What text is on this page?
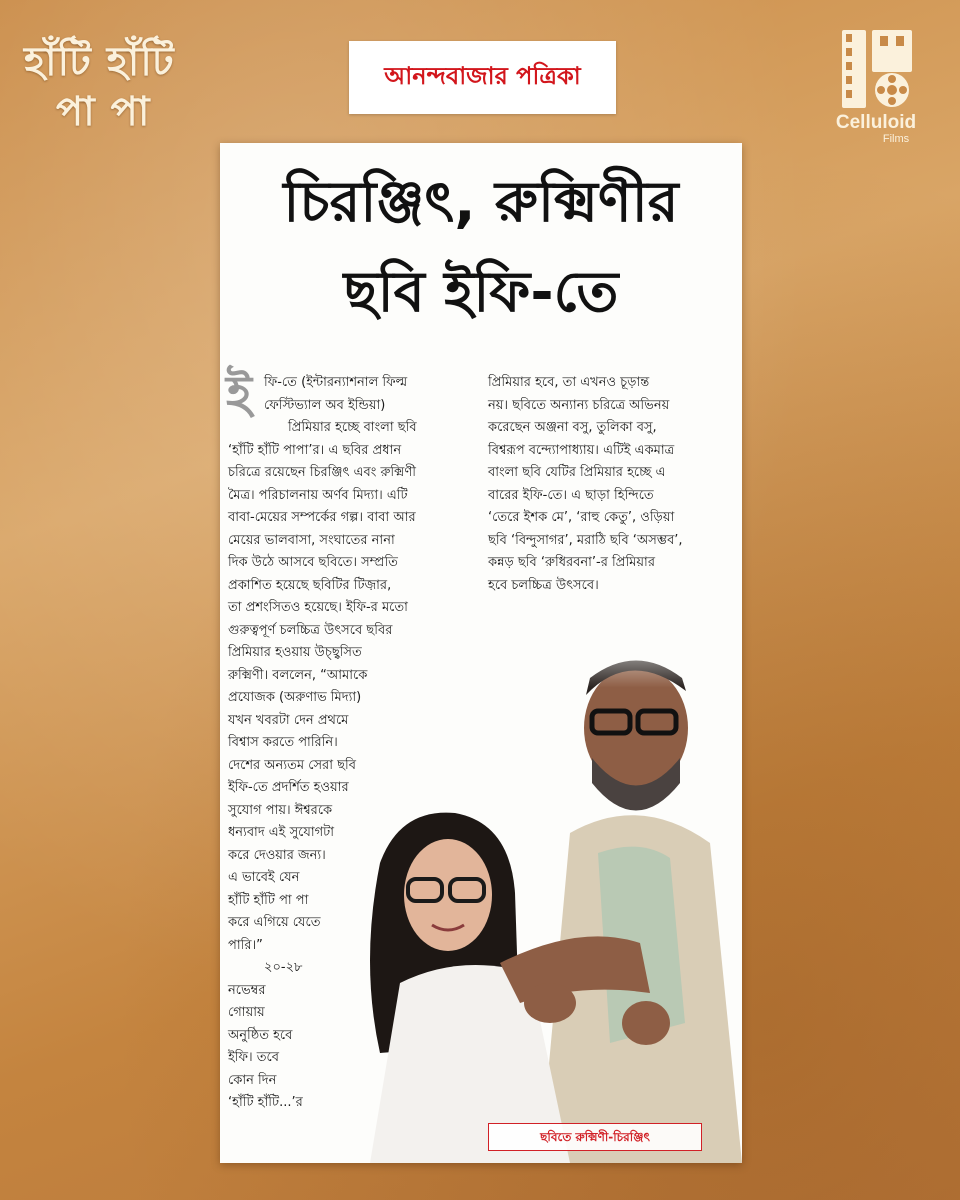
হাঁটি হাঁটি
পা পা
আনন্দবাজার পত্রিকা
Celluloid
Films
চিরঞ্জিৎ, রুক্মিণীর
ছবি ইফি-তে
ই ফি-তে (ইন্টারন্যাশনাল ফিল্ম
ফেস্টিভ্যাল অব ইন্ডিয়া)
প্রিমিয়ার হচ্ছে বাংলা ছবি
‘হাঁটি হাঁটি পাপা’র। এ ছবির প্রধান
চরিত্রে রয়েছেন চিরঞ্জিৎ এবং রুক্মিণী
মৈত্র। পরিচালনায় অর্ণব মিদ্যা। এটি
বাবা-মেয়ের সম্পর্কের গল্প। বাবা আর
মেয়ের ভালবাসা, সংঘাতের নানা
দিক উঠে আসবে ছবিতে। সম্প্রতি
প্রকাশিত হয়েছে ছবিটির টিজ়ার,
তা প্রশংসিতও হয়েছে। ইফি-র মতো
গুরুত্বপূর্ণ চলচ্চিত্র উৎসবে ছবির
প্রিমিয়ার হওয়ায় উচ্ছ্বসিত
রুক্মিণী। বললেন, “আমাকে
প্রযোজক (অরুণাভ মিদ্যা)
যখন খবরটা দেন প্রথমে
বিশ্বাস করতে পারিনি।
দেশের অন্যতম সেরা ছবি
ইফি-তে প্রদর্শিত হওয়ার
সুযোগ পায়। ঈশ্বরকে
ধন্যবাদ এই সুযোগটা
করে দেওয়ার জন্য।
এ ভাবেই যেন
হাঁটি হাঁটি পা পা
করে এগিয়ে যেতে
পারি।”
২০-২৮
নভেম্বর
গোয়ায়
অনুষ্ঠিত হবে
ইফি। তবে
কোন দিন
‘হাঁটি হাঁটি...’র
প্রিমিয়ার হবে, তা এখনও চূড়ান্ত
নয়। ছবিতে অন্যান্য চরিত্রে অভিনয়
করেছেন অঞ্জনা বসু, তুলিকা বসু,
বিশ্বরূপ বন্দ্যোপাধ্যায়। এটিই একমাত্র
বাংলা ছবি যেটির প্রিমিয়ার হচ্ছে এ
বারের ইফি-তে। এ ছাড়া হিন্দিতে
‘তেরে ইশক মে’, ‘রাহু কেতু’, ওড়িয়া
ছবি ‘বিন্দুসাগর’, মরাঠি ছবি ‘অসম্ভব’,
কন্নড় ছবি ‘রুধিরবনা’-র প্রিমিয়ার
হবে চলচ্চিত্র উৎসবে।
ছবিতে রুক্মিণী-চিরঞ্জিৎ
